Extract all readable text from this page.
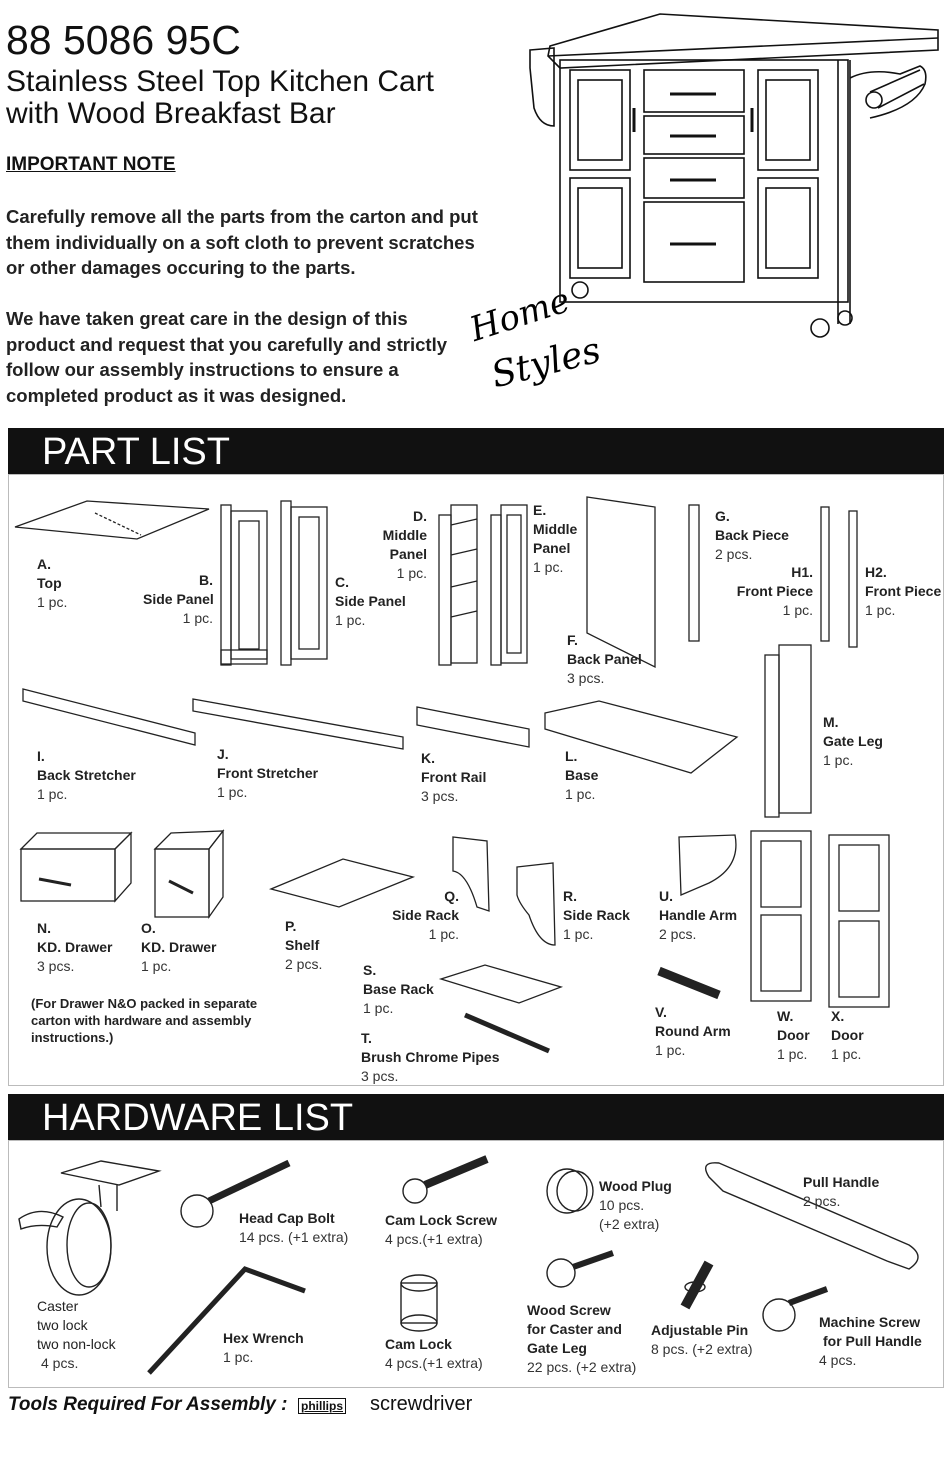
88 5086 95C
Stainless Steel Top Kitchen Cart
with Wood Breakfast Bar
IMPORTANT NOTE
Carefully remove all the parts from the carton and put
them individually on a soft cloth to prevent scratches
or other damages occuring to the parts.
We have taken great care in the design of this
product and request that you carefully and strictly
follow our assembly instructions to ensure a
completed product as it was designed.
Home
Styles
PART LIST
A.
Top
1 pc.
B.
Side Panel
1 pc.
C.
Side Panel
1 pc.
D.
Middle
Panel
1 pc.
E.
Middle
Panel
1 pc.
F.
Back Panel
3 pcs.
G.
Back Piece
2 pcs.
H1.
Front Piece
1 pc.
H2.
Front Piece
1 pc.
I.
Back Stretcher
1 pc.
J.
Front Stretcher
1 pc.
K.
Front Rail
3 pcs.
L.
Base
1 pc.
M.
Gate Leg
1 pc.
N.
KD. Drawer
3 pcs.
O.
KD. Drawer
1 pc.
P.
Shelf
2 pcs.
Q.
Side Rack
1 pc.
R.
Side Rack
1 pc.
S.
Base Rack
1 pc.
T.
Brush Chrome Pipes
3 pcs.
U.
Handle Arm
2 pcs.
V.
Round Arm
1 pc.
W.
Door
1 pc.
X.
Door
1 pc.
(For Drawer N&O packed in separate
carton with hardware and assembly
instructions.)
HARDWARE LIST
Caster
two lock
two non-lock
4 pcs.
Head Cap Bolt
14 pcs. (+1 extra)
Hex Wrench
1 pc.
Cam Lock Screw
4 pcs.(+1 extra)
Cam Lock
4 pcs.(+1 extra)
Wood Plug
10 pcs.
(+2 extra)
Wood Screw
for Caster and
Gate Leg
22 pcs. (+2 extra)
Adjustable Pin
8 pcs. (+2 extra)
Pull Handle
2 pcs.
Machine Screw
for Pull Handle
4 pcs.
Tools Required For Assembly : phillips screwdriver
